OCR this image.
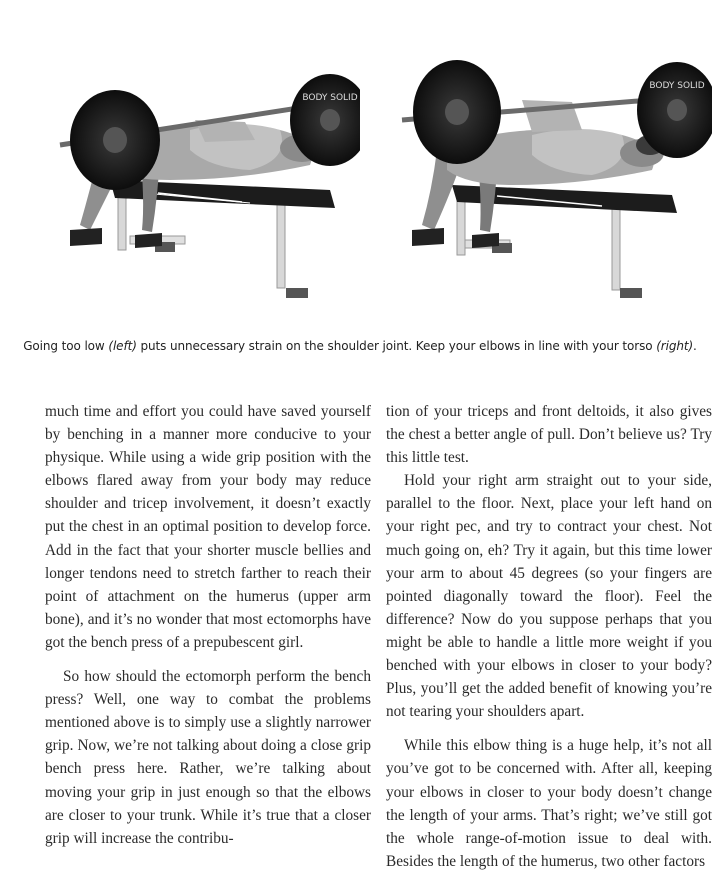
BODY SOLID
BODY SOLID
Going too low (left) puts unnecessary strain on the shoulder joint. Keep your elbows in line with your torso (right).

much time and effort you could have saved yourself by benching in a manner more conducive to your physique. While using a wide grip position with the elbows flared away from your body may reduce shoulder and tricep involvement, it doesn’t exactly put the chest in an optimal position to develop force. Add in the fact that your shorter muscle bellies and longer tendons need to stretch farther to reach their point of attachment on the humerus (upper arm bone), and it’s no wonder that most ectomorphs have got the bench press of a prepubescent girl.

So how should the ectomorph perform the bench press? Well, one way to combat the problems mentioned above is to simply use a slightly narrower grip. Now, we’re not talking about doing a close grip bench press here. Rather, we’re talking about moving your grip in just enough so that the elbows are closer to your trunk. While it’s true that a closer grip will increase the contribu-

tion of your triceps and front deltoids, it also gives the chest a better angle of pull. Don’t believe us? Try this little test.

Hold your right arm straight out to your side, parallel to the floor. Next, place your left hand on your right pec, and try to contract your chest. Not much going on, eh? Try it again, but this time lower your arm to about 45 degrees (so your fingers are pointed diagonally toward the floor). Feel the difference? Now do you suppose perhaps that you might be able to handle a little more weight if you benched with your elbows in closer to your body? Plus, you’ll get the added benefit of knowing you’re not tearing your shoulders apart.

While this elbow thing is a huge help, it’s not all you’ve got to be concerned with. After all, keeping your elbows in closer to your body doesn’t change the length of your arms. That’s right; we’ve still got the whole range-of-motion issue to deal with. Besides the length of the humerus, two other factors
